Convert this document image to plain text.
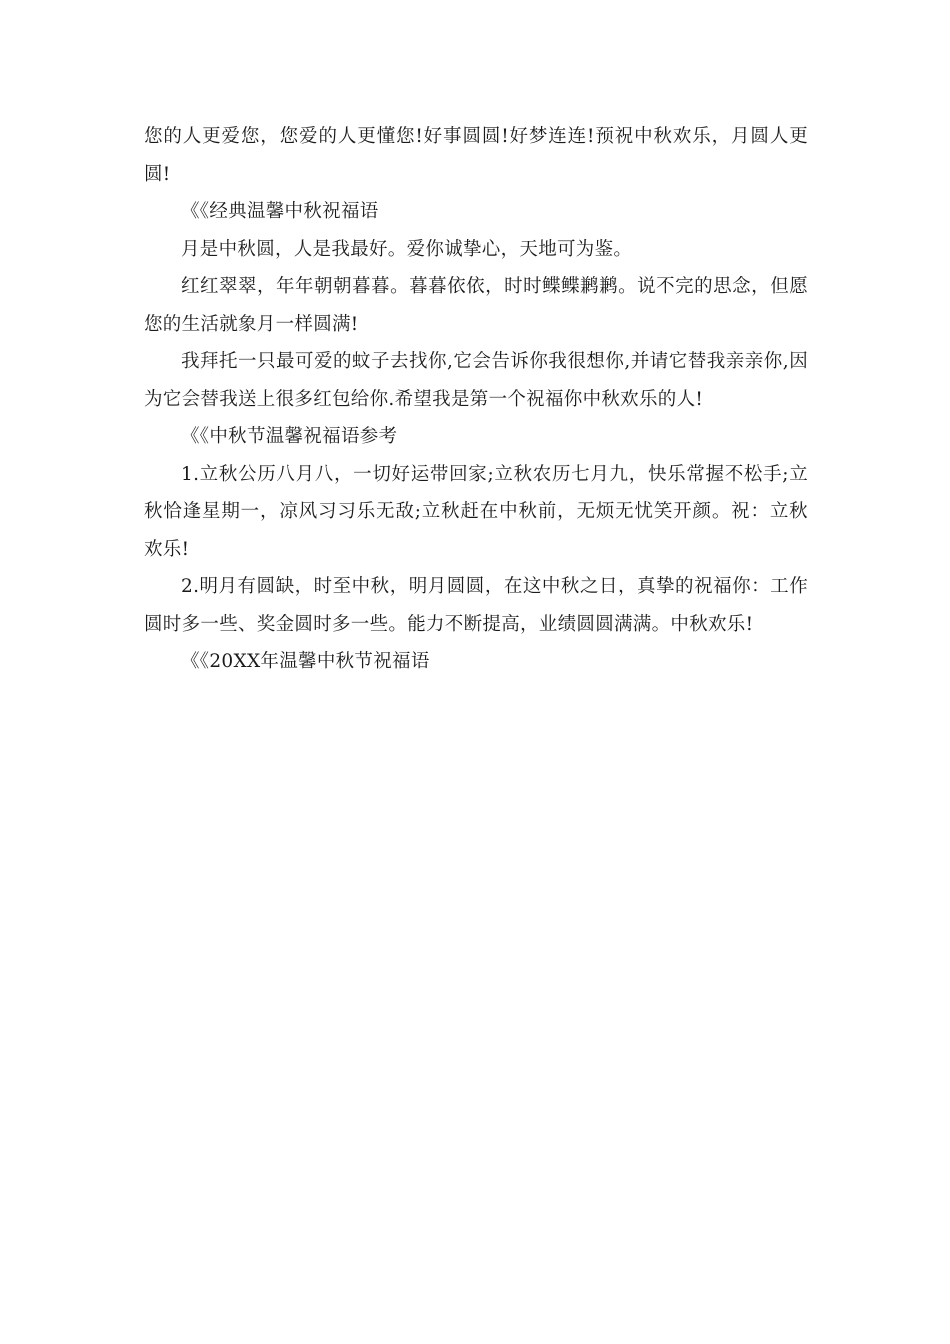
您的人更爱您，您爱的人更懂您!好事圆圆!好梦连连!预祝中秋欢乐，月圆人更圆!

《《经典温馨中秋祝福语

月是中秋圆，人是我最好。爱你诚挚心，天地可为鉴。

红红翠翠，年年朝朝暮暮。暮暮依依，时时鲽鲽鹣鹣。说不完的思念，但愿您的生活就象月一样圆满!

我拜托一只最可爱的蚊子去找你,它会告诉你我很想你,并请它替我亲亲你,因为它会替我送上很多红包给你.希望我是第一个祝福你中秋欢乐的人!

《《中秋节温馨祝福语参考

1.立秋公历八月八，一切好运带回家;立秋农历七月九，快乐常握不松手;立秋恰逢星期一，凉风习习乐无敌;立秋赶在中秋前，无烦无忧笑开颜。祝：立秋欢乐!

2.明月有圆缺，时至中秋，明月圆圆，在这中秋之日，真挚的祝福你：工作圆时多一些、奖金圆时多一些。能力不断提高，业绩圆圆满满。中秋欢乐!

《《20XX年温馨中秋节祝福语
